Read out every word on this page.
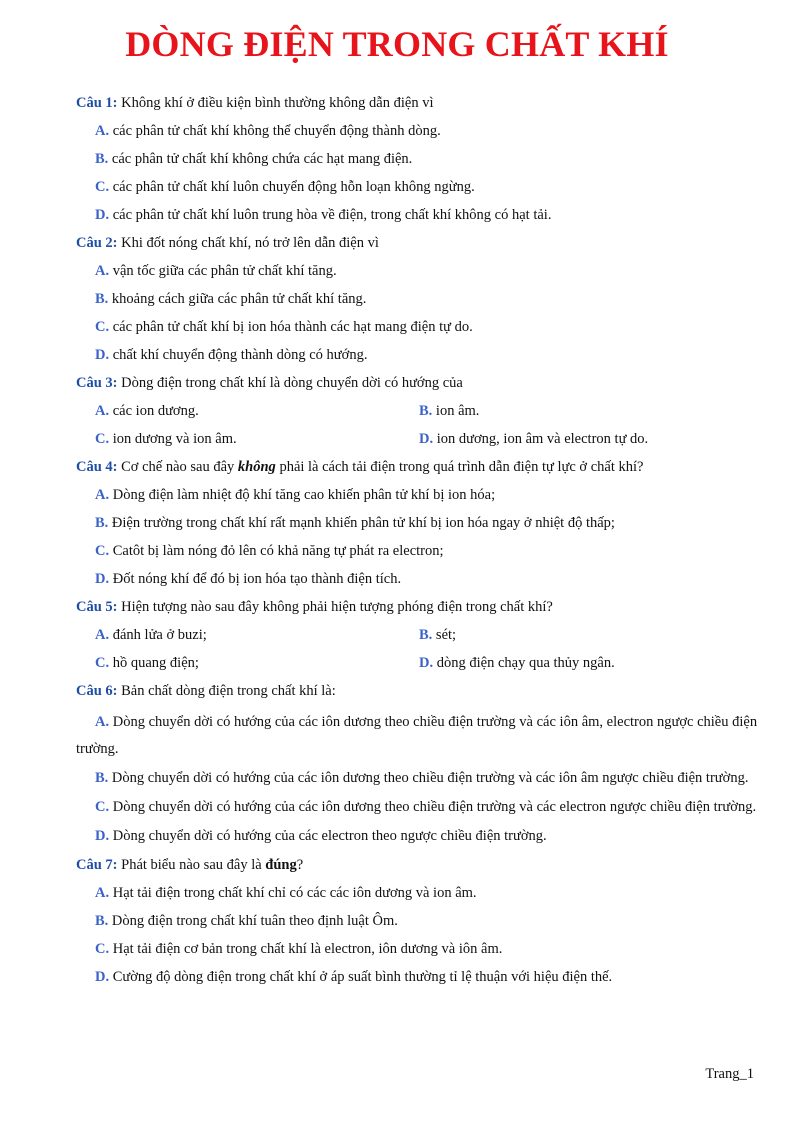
DÒNG ĐIỆN TRONG CHẤT KHÍ
Câu 1: Không khí ở điều kiện bình thường không dẫn điện vì
A. các phân tử chất khí không thể chuyển động thành dòng.
B. các phân tử chất khí không chứa các hạt mang điện.
C. các phân tử chất khí luôn chuyển động hỗn loạn không ngừng.
D. các phân tử chất khí luôn trung hòa về điện, trong chất khí không có hạt tải.
Câu 2: Khi đốt nóng chất khí, nó trở lên dẫn điện vì
A. vận tốc giữa các phân tử chất khí tăng.
B. khoảng cách giữa các phân tử chất khí tăng.
C. các phân tử chất khí bị ion hóa thành các hạt mang điện tự do.
D. chất khí chuyển động thành dòng có hướng.
Câu 3: Dòng điện trong chất khí là dòng chuyển dời có hướng của
A. các ion dương.	B. ion âm.
C. ion dương và ion âm.	D. ion dương, ion âm và electron tự do.
Câu 4: Cơ chế nào sau đây không phải là cách tải điện trong quá trình dẫn điện tự lực ở chất khí?
A. Dòng điện làm nhiệt độ khí tăng cao khiến phân tử khí bị ion hóa;
B. Điện trường trong chất khí rất mạnh khiến phân tử khí bị ion hóa ngay ở nhiệt độ thấp;
C. Catôt bị làm nóng đỏ lên có khả năng tự phát ra electron;
D. Đốt nóng khí để đó bị ion hóa tạo thành điện tích.
Câu 5: Hiện tượng nào sau đây không phải hiện tượng phóng điện trong chất khí?
A. đánh lửa ở buzi;	B. sét;
C. hồ quang điện;	D. dòng điện chạy qua thủy ngân.
Câu 6: Bản chất dòng điện trong chất khí là:
A. Dòng chuyển dời có hướng của các iôn dương theo chiều điện trường và các iôn âm, electron ngược chiều điện trường.
B. Dòng chuyển dời có hướng của các iôn dương theo chiều điện trường và các iôn âm ngược chiều điện trường.
C. Dòng chuyển dời có hướng của các iôn dương theo chiều điện trường và các electron ngược chiều điện trường.
D. Dòng chuyển dời có hướng của các electron theo ngược chiều điện trường.
Câu 7: Phát biểu nào sau đây là đúng?
A. Hạt tải điện trong chất khí chỉ có các các iôn dương và ion âm.
B. Dòng điện trong chất khí tuân theo định luật Ôm.
C. Hạt tải điện cơ bản trong chất khí là electron, iôn dương và iôn âm.
D. Cường độ dòng điện trong chất khí ở áp suất bình thường tỉ lệ thuận với hiệu điện thế.
Trang_1
